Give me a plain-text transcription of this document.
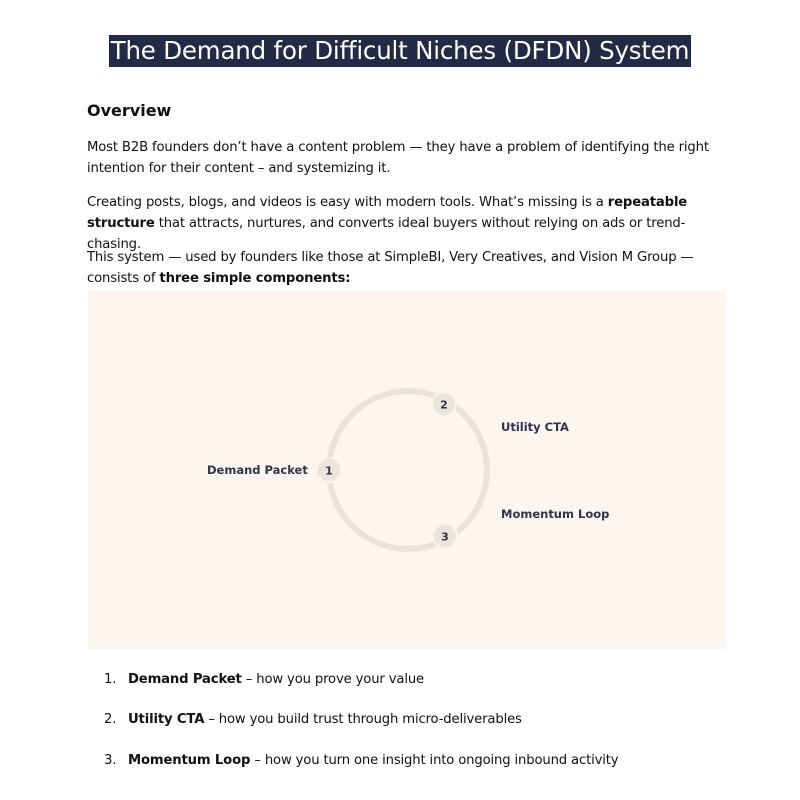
The Demand for Difficult Niches (DFDN) System
Overview
Most B2B founders don’t have a content problem — they have a problem of identifying the right intention for their content – and systemizing it.
Creating posts, blogs, and videos is easy with modern tools. What’s missing is a repeatable structure that attracts, nurtures, and converts ideal buyers without relying on ads or trend-chasing.
This system — used by founders like those at SimpleBI, Very Creatives, and Vision M Group — consists of three simple components:
1
2
3
Demand Packet
Utility CTA
Momentum Loop
1. Demand Packet – how you prove your value
2. Utility CTA – how you build trust through micro-deliverables
3. Momentum Loop – how you turn one insight into ongoing inbound activity
